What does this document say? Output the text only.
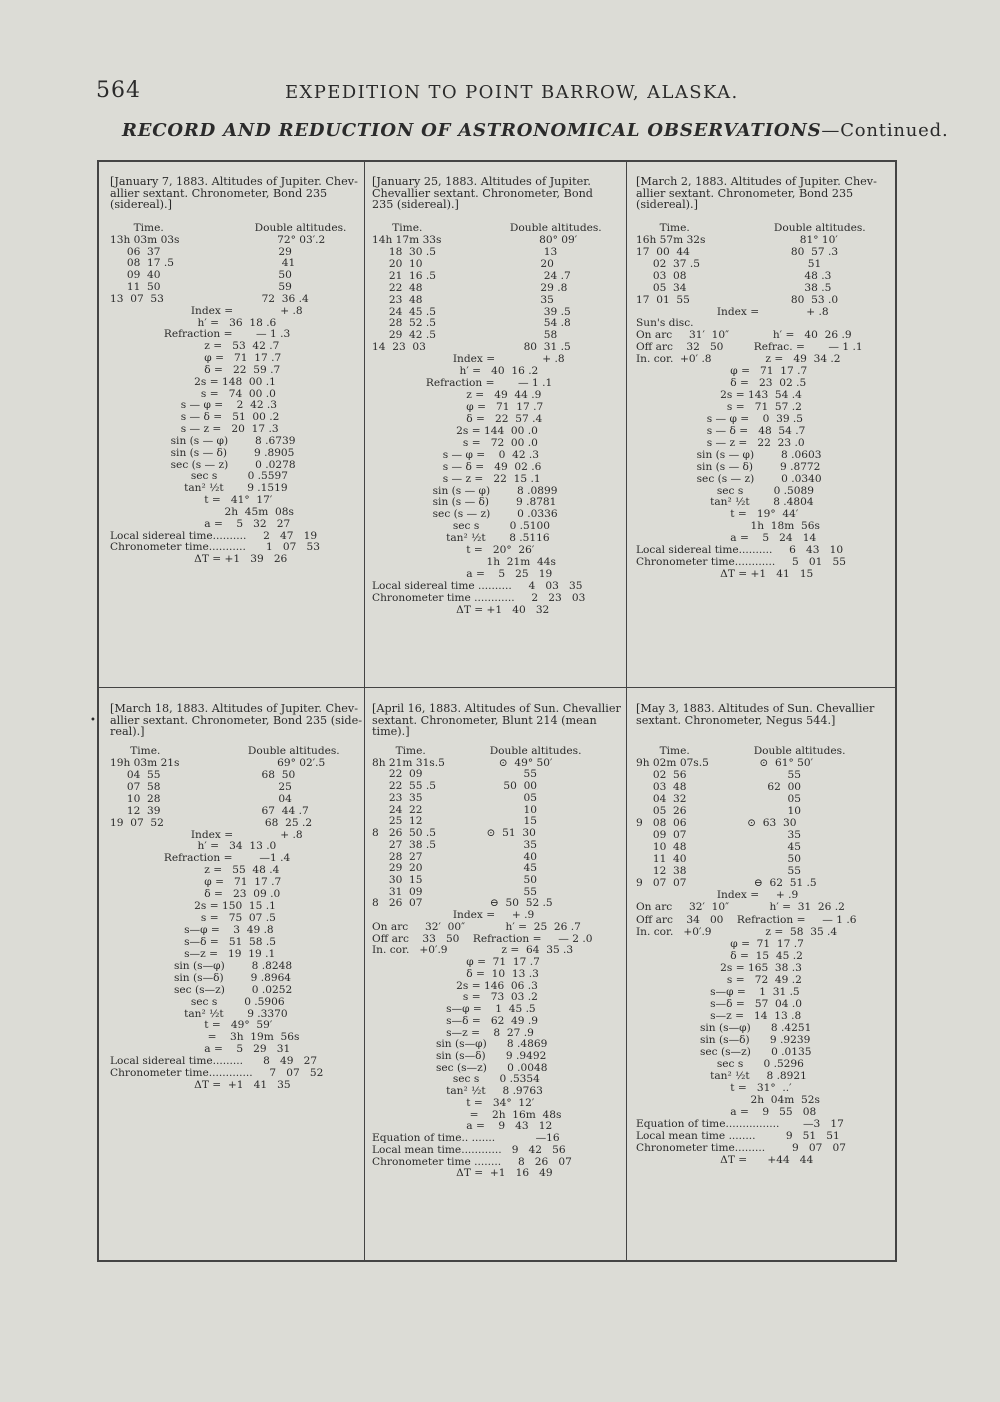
564	EXPEDITION TO POINT BARROW, ALASKA.
RECORD AND REDUCTION OF ASTRONOMICAL OBSERVATIONS—Continued.
•
[January 7, 1883. Altitudes of Jupiter. Chev-
allier sextant. Chronometer, Bond 235
(sidereal).]
Time.                           Double altitudes.
13h 03m 03s                             72° 03′.2
06  37                                   29
08  17 .5                                41
09  40                                   50
11  50                                   59
13  07  53                             72  36 .4
Index =              + .8
h′ =   36  18 .6
Refraction =       — 1 .3
z =   53  42 .7
φ =   71  17 .7
δ =   22  59 .7
2s = 148  00 .1
s =   74  00 .0
s — φ =    2  42 .3
s — δ =   51  00 .2
s — z =   20  17 .3
sin (s — φ)        8 .6739
sin (s — δ)        9 .8905
sec (s — z)        0 .0278
sec s         0 .5597
tan² ½t       9 .1519
t =   41°  17′
2h  45m  08s
a =    5   32   27
Local sidereal time..........     2   47   19
Chronometer time...........      1   07   53
ΔT = +1   39   26
[January 25, 1883. Altitudes of Jupiter.
Chevallier sextant. Chronometer, Bond
235 (sidereal).]
Time.                          Double altitudes.
14h 17m 33s                             80° 09′
18  30 .5                                13
20  10                                   20
21  16 .5                                24 .7
22  48                                   29 .8
23  48                                   35
24  45 .5                                39 .5
28  52 .5                                54 .8
29  42 .5                                58
14  23  03                             80  31 .5
Index =              + .8
h′ =   40  16 .2
Refraction =       — 1 .1
z =   49  44 .9
φ =   71  17 .7
δ =   22  57 .4
2s = 144  00 .0
s =   72  00 .0
s — φ =    0  42 .3
s — δ =   49  02 .6
s — z =   22  15 .1
sin (s — φ)        8 .0899
sin (s — δ)        9 .8781
sec (s — z)        0 .0336
sec s         0 .5100
tan² ½t       8 .5116
t =   20°  26′
1h  21m  44s
a =    5   25   19
Local sidereal time ..........     4   03   35
Chronometer time ............     2   23   03
ΔT = +1   40   32
[March 2, 1883. Altitudes of Jupiter. Chev-
allier sextant. Chronometer, Bond 235
(sidereal).]
Time.                         Double altitudes.
16h 57m 32s                            81° 10′
17  00  44                              80  57 .3
02  37 .5                                51
03  08                                   48 .3
05  34                                   38 .5
17  01  55                              80  53 .0
Index =              + .8
Sun's disc.
On arc     31′  10″             h′ =   40  26 .9
Off arc    32   50         Refrac. =       — 1 .1
In. cor.  +0′ .8                z =   49  34 .2
φ =   71  17 .7
δ =   23  02 .5
2s = 143  54 .4
s =   71  57 .2
s — φ =    0  39 .5
s — δ =   48  54 .7
s — z =   22  23 .0
sin (s — φ)        8 .0603
sin (s — δ)        9 .8772
sec (s — z)        0 .0340
sec s         0 .5089
tan² ½t       8 .4804
t =   19°  44′
1h  18m  56s
a =    5   24   14
Local sidereal time..........     6   43   10
Chronometer time............     5   01   55
ΔT = +1   41   15
[March 18, 1883. Altitudes of Jupiter. Chev-
allier sextant. Chronometer, Bond 235 (side-
real).]
Time.                          Double altitudes.
19h 03m 21s                             69° 02′.5
04  55                              68  50
07  58                                   25
10  28                                   04
12  39                              67  44 .7
19  07  52                              68  25 .2
Index =              + .8
h′ =   34  13 .0
Refraction =        —1 .4
z =   55  48 .4
φ =   71  17 .7
δ =   23  09 .0
2s = 150  15 .1
s =   75  07 .5
s—φ =    3  49 .8
s—δ =   51  58 .5
s—z =   19  19 .1
sin (s—φ)        8 .8248
sin (s—δ)        9 .8964
sec (s—z)        0 .0252
sec s        0 .5906
tan² ½t       9 .3370
t =   49°  59′
=    3h  19m  56s
a =    5   29   31
Local sidereal time.........      8   49   27
Chronometer time.............     7   07   52
ΔT =  +1   41   35
[April 16, 1883. Altitudes of Sun. Chevallier
sextant. Chronometer, Blunt 214 (mean
time).]
Time.                   Double altitudes.
8h 21m 31s.5                ⊙  49° 50′
22  09                              55
22  55 .5                    50  00
23  35                              05
24  22                              10
25  12                              15
8   26  50 .5               ⊙  51  30
27  38 .5                          35
28  27                              40
29  20                              45
30  15                              50
31  09                              55
8   26  07                    ⊖  50  52 .5
Index =     + .9
On arc     32′  00″            h′ =  25  26 .7
Off arc    33   50    Refraction =     — 2 .0
In. cor.   +0′.9                z =  64  35 .3
φ =  71  17 .7
δ =  10  13 .3
2s = 146  06 .3
s =   73  03 .2
s—φ =    1  45 .5
s—δ =   62  49 .9
s—z =    8  27 .9
sin (s—φ)      8 .4869
sin (s—δ)      9 .9492
sec (s—z)      0 .0048
sec s      0 .5354
tan² ½t     8 .9763
t =   34°  12′
=    2h  16m  48s
a =    9   43   12
Equation of time.. .......            —16
Local mean time............   9   42   56
Chronometer time ........     8   26   07
ΔT =  +1   16   49
[May 3, 1883. Altitudes of Sun. Chevallier
sextant. Chronometer, Negus 544.]
Time.                   Double altitudes.
9h 02m 07s.5               ⊙  61° 50′
02  56                              55
03  48                        62  00
04  32                              05
05  26                              10
9   08  06                  ⊙  63  30
09  07                              35
10  48                              45
11  40                              50
12  38                              55
9   07  07                    ⊖  62  51 .5
Index =     + .9
On arc     32′  10″            h′ =  31  26 .2
Off arc    34   00    Refraction =     — 1 .6
In. cor.   +0′.9                z =  58  35 .4
φ =  71  17 .7
δ =  15  45 .2
2s = 165  38 .3
s =   72  49 .2
s—φ =    1  31 .5
s—δ =   57  04 .0
s—z =   14  13 .8
sin (s—φ)      8 .4251
sin (s—δ)      9 .9239
sec (s—z)      0 .0135
sec s      0 .5296
tan² ½t     8 .8921
t =   31°  ..′
2h  04m  52s
a =    9   55   08
Equation of time................       —3   17
Local mean time ........         9   51   51
Chronometer time.........        9   07   07
ΔT =      +44   44
